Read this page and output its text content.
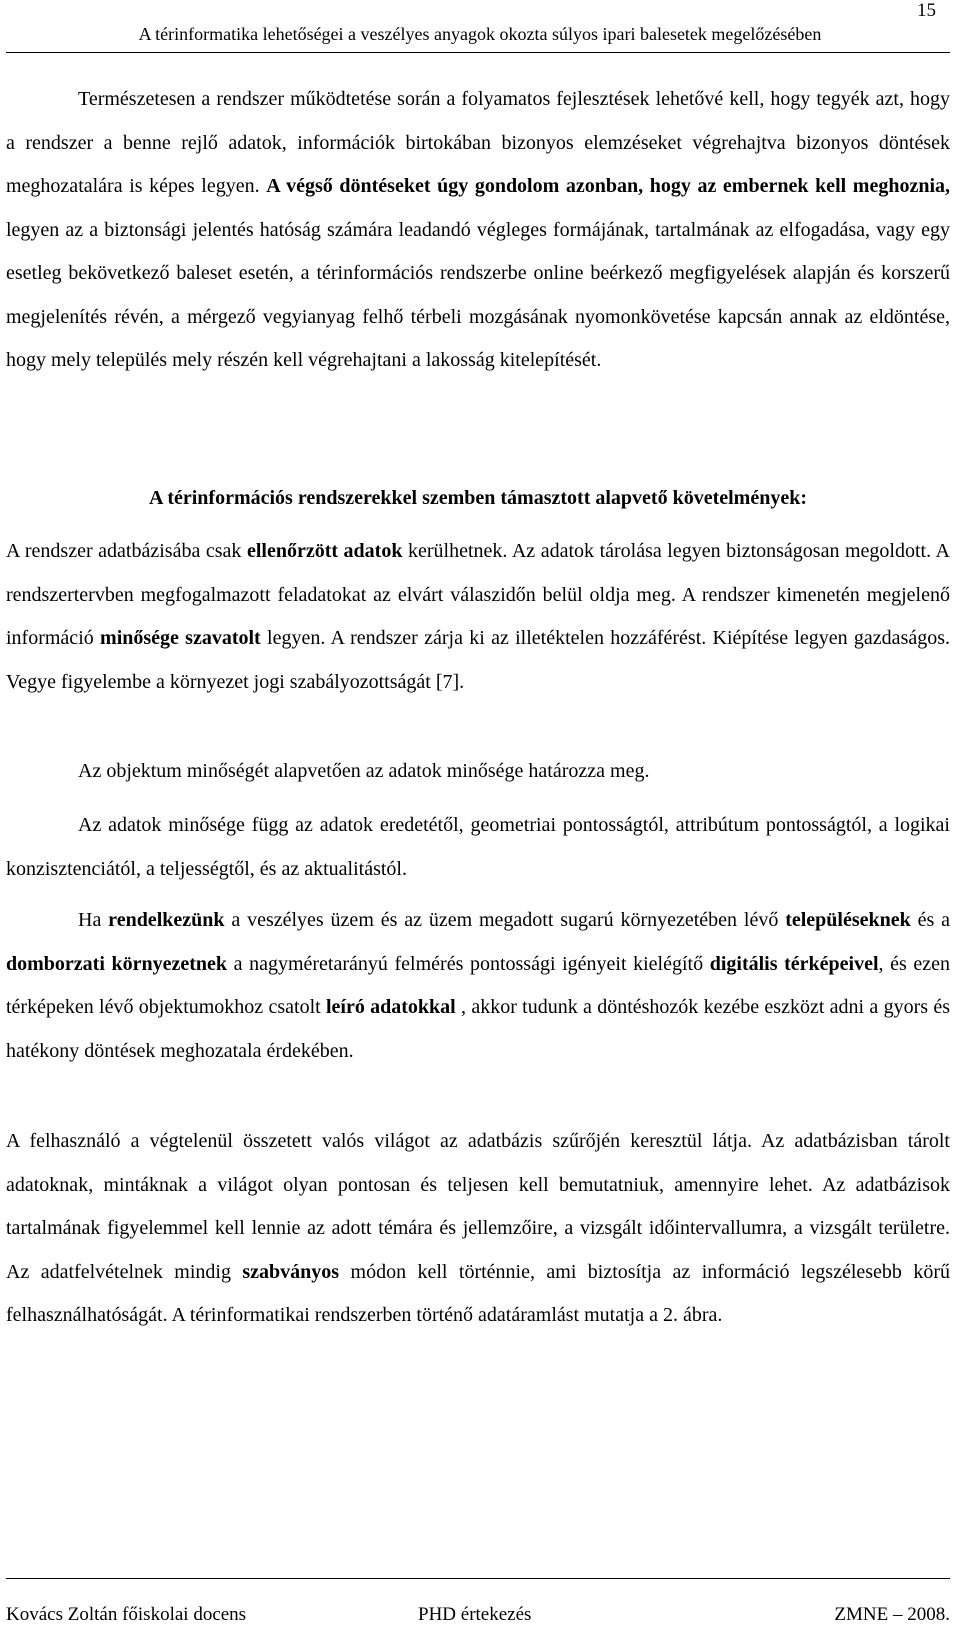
15
A térinformatika lehetőségei a veszélyes anyagok okozta súlyos ipari balesetek megelőzésében

Természetesen a rendszer működtetése során a folyamatos fejlesztések lehetővé kell, hogy tegyék azt, hogy a rendszer a benne rejlő adatok, információk birtokában bizonyos elemzéseket végrehajtva bizonyos döntések meghozatalára is képes legyen. A végső döntéseket úgy gondolom azonban, hogy az embernek kell meghoznia, legyen az a biztonsági jelentés hatóság számára leadandó végleges formájának, tartalmának az elfogadása, vagy egy esetleg bekövetkező baleset esetén, a térinformációs rendszerbe online beérkező megfigyelések alapján és korszerű megjelenítés révén, a mérgező vegyianyag felhő térbeli mozgásának nyomonkövetése kapcsán annak az eldöntése, hogy mely település mely részén kell végrehajtani a lakosság kitelepítését.

A térinformációs rendszerekkel szemben támasztott alapvető követelmények:

A rendszer adatbázisába csak ellenőrzött adatok kerülhetnek. Az adatok tárolása legyen biztonságosan megoldott. A rendszertervben megfogalmazott feladatokat az elvárt válaszidőn belül oldja meg. A rendszer kimenetén megjelenő információ minősége szavatolt legyen. A rendszer zárja ki az illetéktelen hozzáférést. Kiépítése legyen gazdaságos. Vegye figyelembe a környezet jogi szabályozottságát [7].

Az objektum minőségét alapvetően az adatok minősége határozza meg.

Az adatok minősége függ az adatok eredetétől, geometriai pontosságtól, attribútum pontosságtól, a logikai konzisztenciától, a teljességtől, és az aktualitástól.

Ha rendelkezünk a veszélyes üzem és az üzem megadott sugarú környezetében lévő településeknek és a domborzati környezetnek a nagyméretarányú felmérés pontossági igényeit kielégítő digitális térképeivel, és ezen térképeken lévő objektumokhoz csatolt leíró adatokkal , akkor tudunk a döntéshozók kezébe eszközt adni a gyors és hatékony döntések meghozatala érdekében.

A felhasználó a végtelenül összetett valós világot az adatbázis szűrőjén keresztül látja. Az adatbázisban tárolt adatoknak, mintáknak a világot olyan pontosan és teljesen kell bemutatniuk, amennyire lehet. Az adatbázisok tartalmának figyelemmel kell lennie az adott témára és jellemzőire, a vizsgált időintervallumra, a vizsgált területre. Az adatfelvételnek mindig szabványos módon kell történnie, ami biztosítja az információ legszélesebb körű felhasználhatóságát. A térinformatikai rendszerben történő adatáramlást mutatja a 2. ábra.

Kovács Zoltán főiskolai docens	PHD értekezés	ZMNE – 2008.
